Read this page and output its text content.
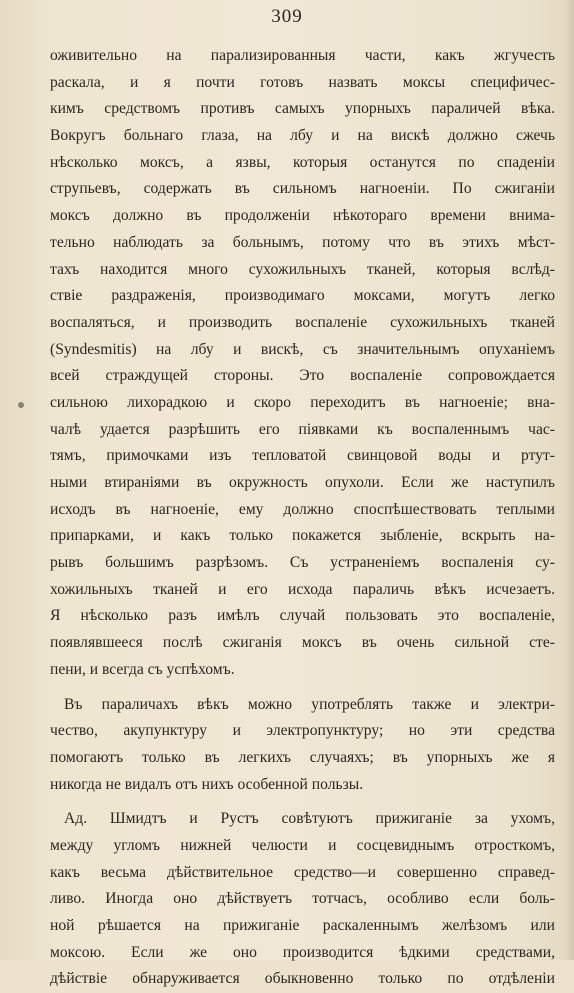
309
оживительно на парализированныя части, какъ жгучесть
раскала, и я почти готовъ назвать моксы специфичес-
кимъ средствомъ противъ самыхъ упорныхъ параличей вѣка.
Вокругъ больнаго глаза, на лбу и на вискѣ должно сжечь
нѣсколько моксъ, а язвы, которыя останутся по спаденіи
струпьевъ, содержать въ сильномъ нагноеніи. По сжиганіи
моксъ должно въ продолженіи нѣкотораго времени внима-
тельно наблюдать за больнымъ, потому что въ этихъ мѣст-
тахъ находится много сухожильныхъ тканей, которыя вслѣд-
ствіе раздраженія, производимаго моксами, могутъ легко
воспаляться, и производить воспаленіе сухожильныхъ тканей
(Syndesmitis) на лбу и вискѣ, съ значительнымъ опуханіемъ
всей страждущей стороны. Это воспаленіе сопровождается
сильною лихорадкою и скоро переходитъ въ нагноеніе; вна-
чалѣ удается разрѣшить его піявками къ воспаленнымъ час-
тямъ, примочками изъ тепловатой свинцовой воды и ртут-
ными втираніями въ окружность опухоли. Если же наступилъ
исходъ въ нагноеніе, ему должно споспѣшествовать теплыми
припарками, и какъ только покажется зыбленіе, вскрыть на-
рывъ большимъ разрѣзомъ. Съ устраненіемъ воспаленія су-
хожильныхъ тканей и его исхода параличь вѣкъ исчезаетъ.
Я нѣсколько разъ имѣлъ случай пользовать это воспаленіе,
появлявшееся послѣ сжиганія моксъ въ очень сильной сте-
пени, и всегда съ успѣхомъ.
Въ параличахъ вѣкъ можно употреблять также и электри-
чество, акупунктуру и электропунктуру; но эти средства
помогаютъ только въ легкихъ случаяхъ; въ упорныхъ же я
никогда не видалъ отъ нихъ особенной пользы.
Ад. Шмидтъ и Рустъ совѣтуютъ прижиганіе за ухомъ,
между угломъ нижней челюсти и сосцевиднымъ отросткомъ,
какъ весьма дѣйствительное средство—и совершенно справед-
ливо. Иногда оно дѣйствуетъ тотчасъ, особливо если боль-
ной рѣшается на прижиганіе раскаленнымъ желѣзомъ или
моксою. Если же оно производится ѣдкими средствами,
дѣйствіе обнаруживается обыкновенно только по отдѣленіи
